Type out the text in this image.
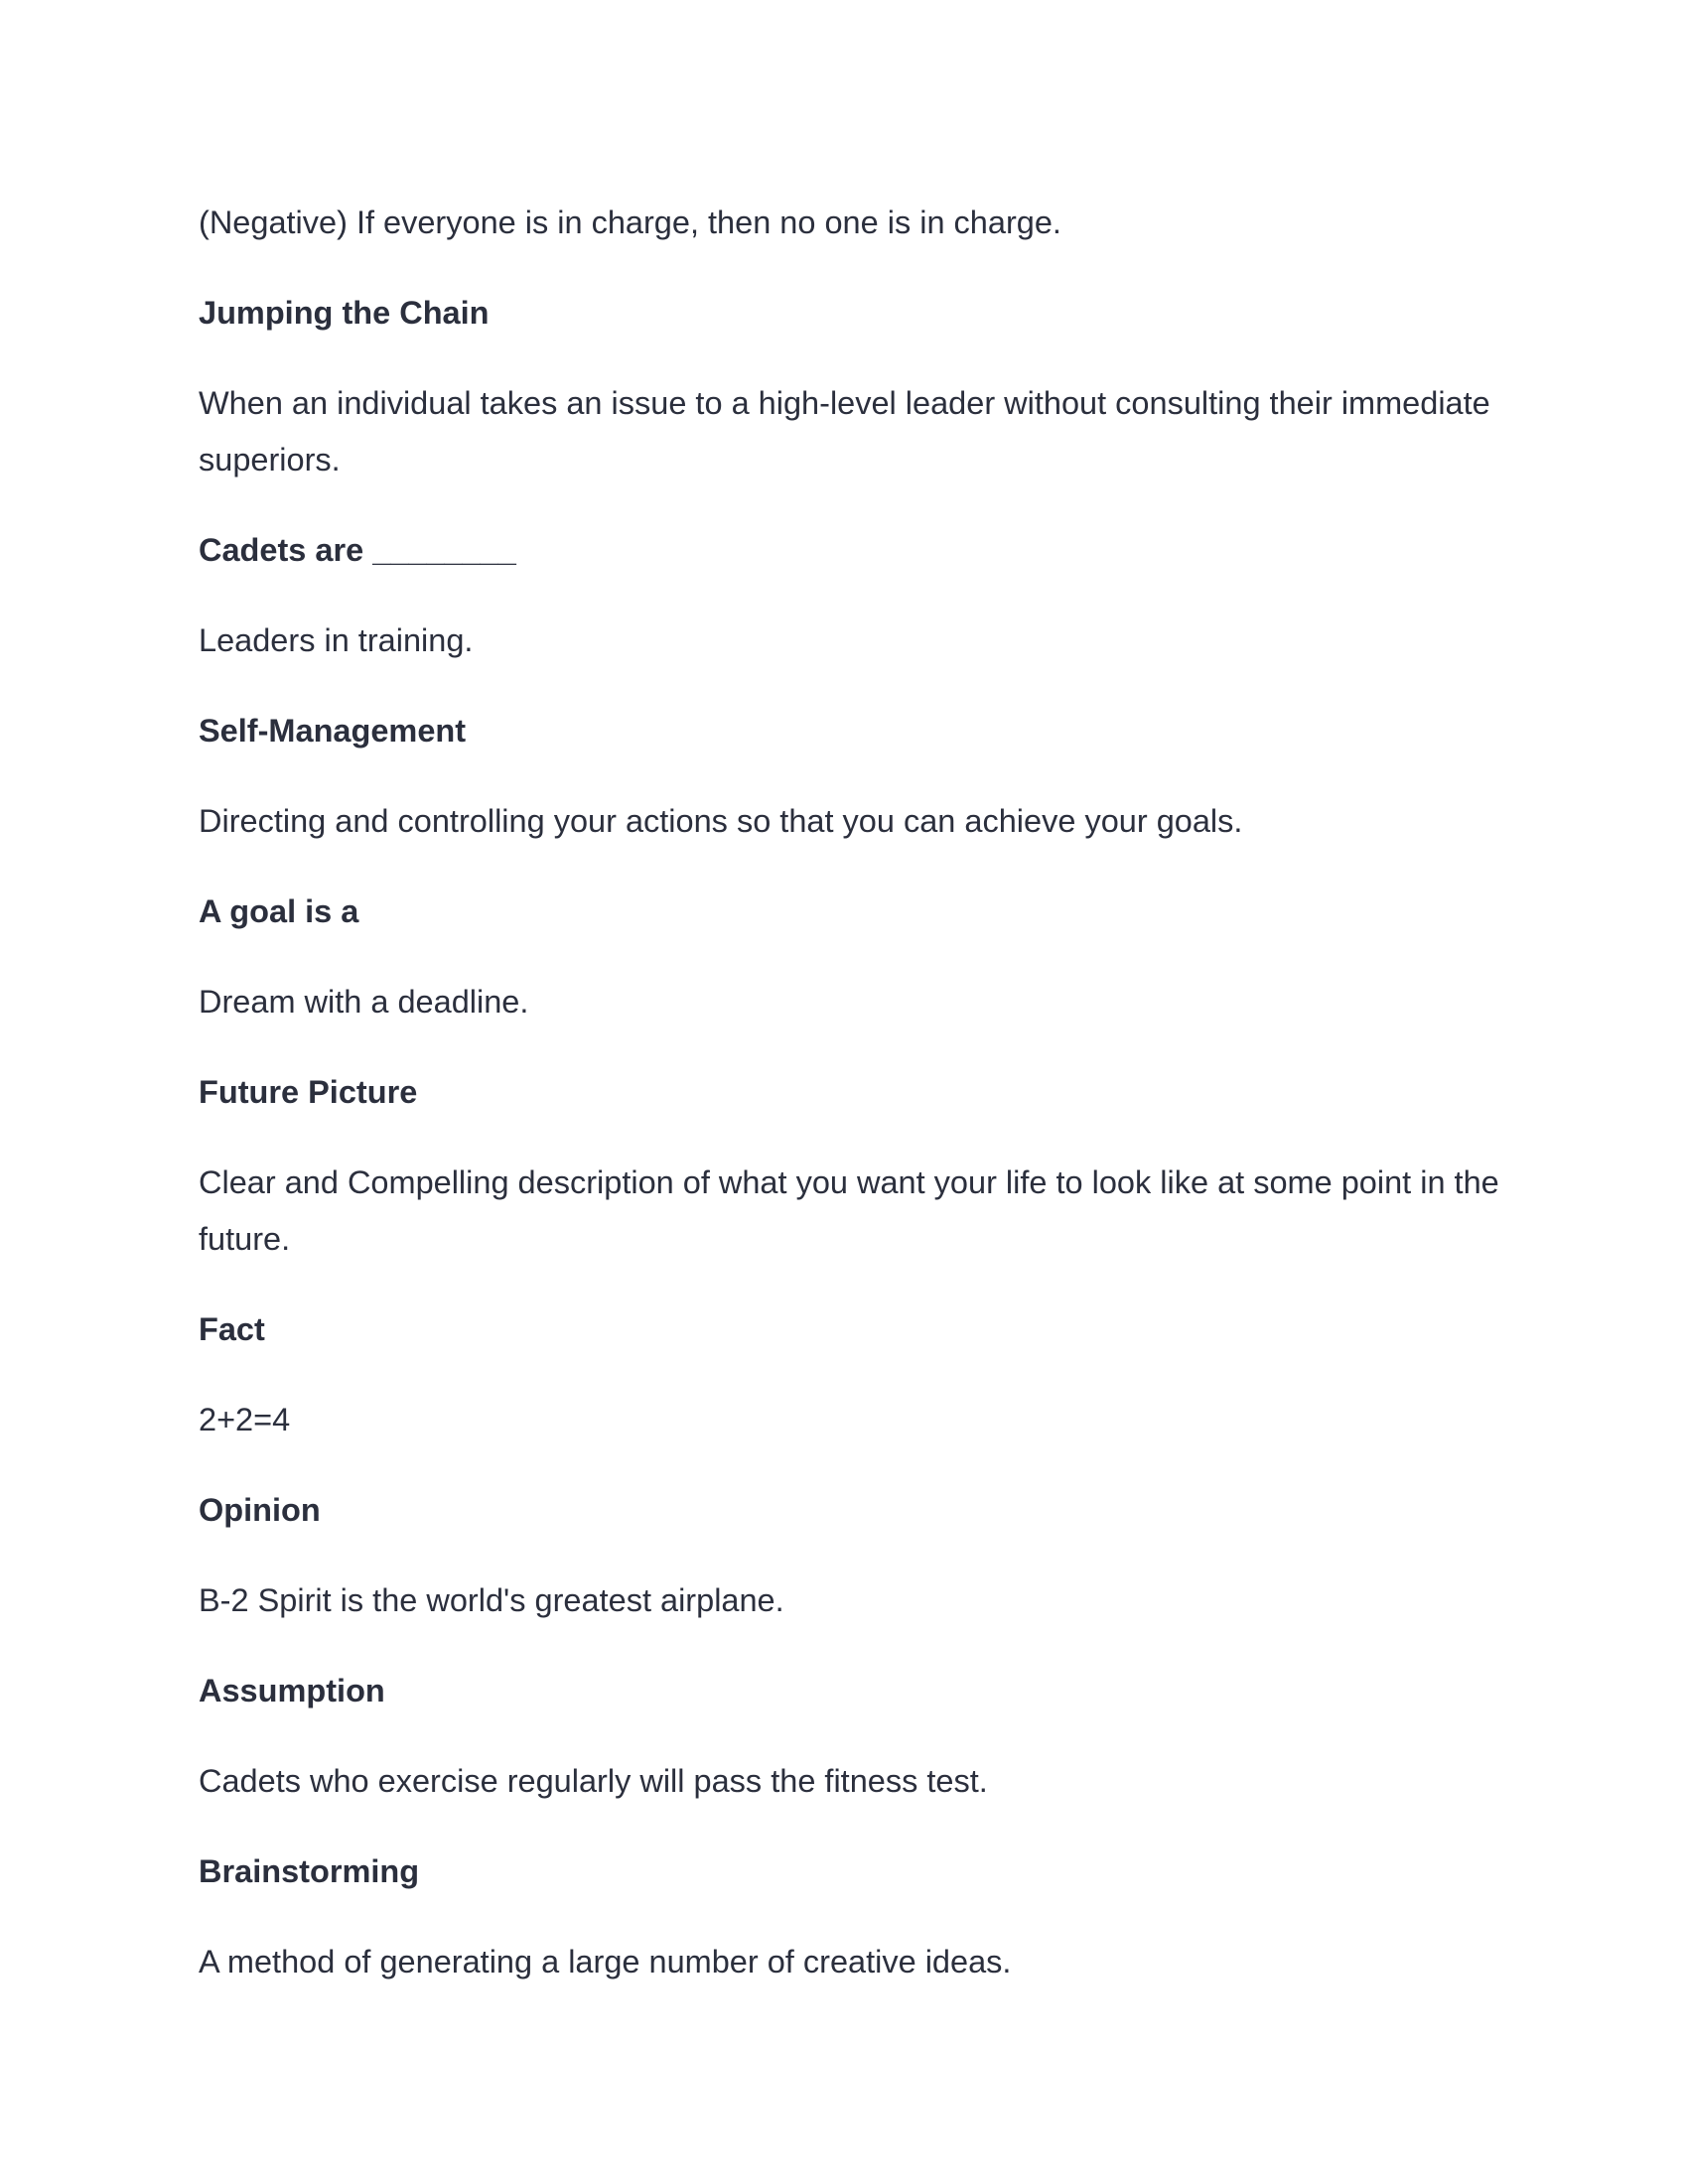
(Negative) If everyone is in charge, then no one is in charge.

Jumping the Chain

When an individual takes an issue to a high-level leader without consulting their immediate superiors.

Cadets are ________

Leaders in training.

Self-Management

Directing and controlling your actions so that you can achieve your goals.

A goal is a

Dream with a deadline.

Future Picture

Clear and Compelling description of what you want your life to look like at some point in the future.

Fact

2+2=4

Opinion

B-2 Spirit is the world's greatest airplane.

Assumption

Cadets who exercise regularly will pass the fitness test.

Brainstorming

A method of generating a large number of creative ideas.
